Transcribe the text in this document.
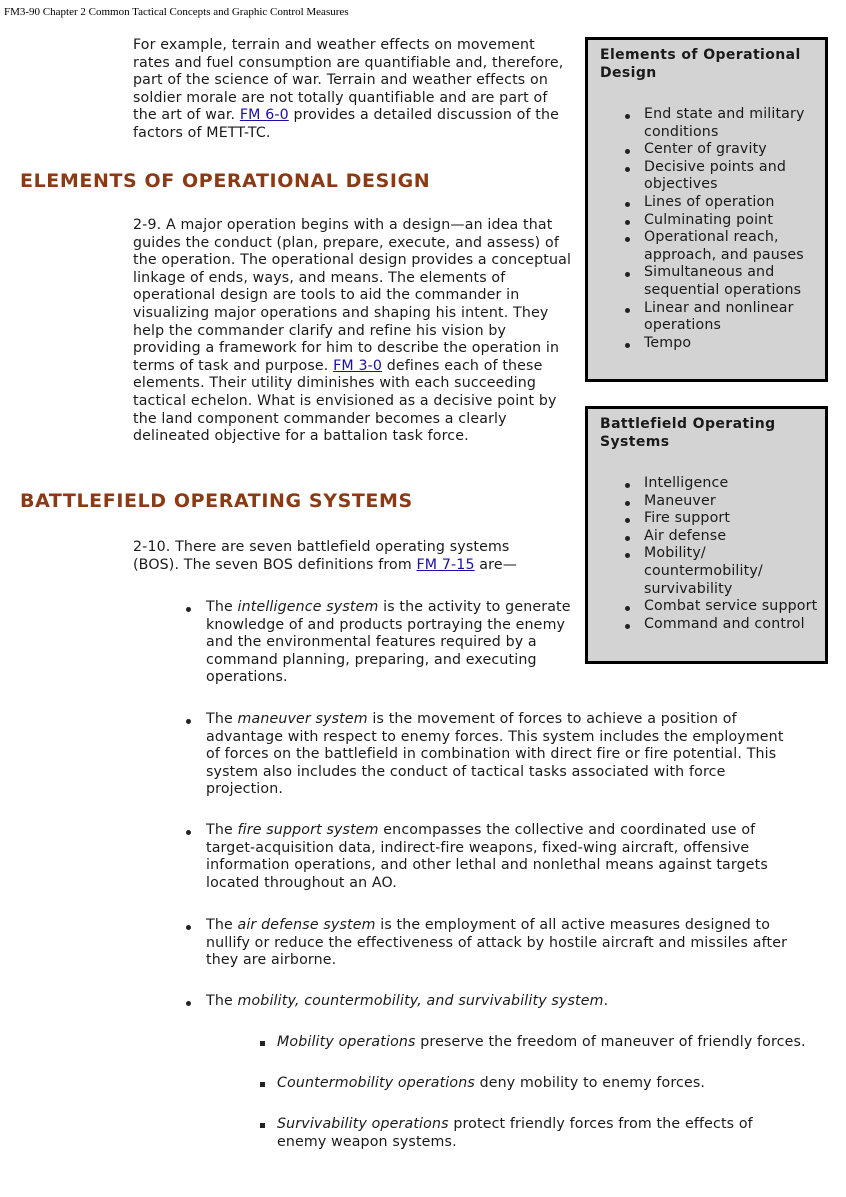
FM3-90 Chapter 2 Common Tactical Concepts and Graphic Control Measures

For example, terrain and weather effects on movement rates and fuel consumption are quantifiable and, therefore, part of the science of war. Terrain and weather effects on soldier morale are not totally quantifiable and are part of the art of war. FM 6-0 provides a detailed discussion of the factors of METT-TC.

ELEMENTS OF OPERATIONAL DESIGN

2-9. A major operation begins with a design—an idea that guides the conduct (plan, prepare, execute, and assess) of the operation. The operational design provides a conceptual linkage of ends, ways, and means. The elements of operational design are tools to aid the commander in visualizing major operations and shaping his intent. They help the commander clarify and refine his vision by providing a framework for him to describe the operation in terms of task and purpose. FM 3-0 defines each of these elements. Their utility diminishes with each succeeding tactical echelon. What is envisioned as a decisive point by the land component commander becomes a clearly delineated objective for a battalion task force.

BATTLEFIELD OPERATING SYSTEMS

2-10. There are seven battlefield operating systems (BOS). The seven BOS definitions from FM 7-15 are—

The intelligence system is the activity to generate knowledge of and products portraying the enemy and the environmental features required by a command planning, preparing, and executing operations.

The maneuver system is the movement of forces to achieve a position of advantage with respect to enemy forces. This system includes the employment of forces on the battlefield in combination with direct fire or fire potential. This system also includes the conduct of tactical tasks associated with force projection.

The fire support system encompasses the collective and coordinated use of target-acquisition data, indirect-fire weapons, fixed-wing aircraft, offensive information operations, and other lethal and nonlethal means against targets located throughout an AO.

The air defense system is the employment of all active measures designed to nullify or reduce the effectiveness of attack by hostile aircraft and missiles after they are airborne.

The mobility, countermobility, and survivability system.

Mobility operations preserve the freedom of maneuver of friendly forces.

Countermobility operations deny mobility to enemy forces.

Survivability operations protect friendly forces from the effects of enemy weapon systems.

Elements of Operational Design
End state and military conditions
Center of gravity
Decisive points and objectives
Lines of operation
Culminating point
Operational reach, approach, and pauses
Simultaneous and sequential operations
Linear and nonlinear operations
Tempo
Battlefield Operating Systems
Intelligence
Maneuver
Fire support
Air defense
Mobility/ countermobility/ survivability
Combat service support
Command and control
